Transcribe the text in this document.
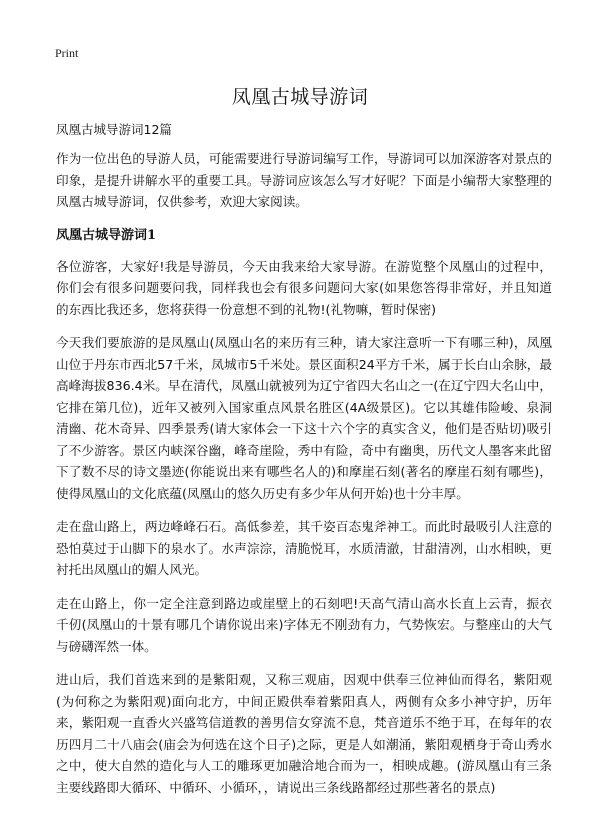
Print
凤凰古城导游词
凤凰古城导游词12篇

作为一位出色的导游人员，可能需要进行导游词编写工作，导游词可以加深游客对景点的印象，是提升讲解水平的重要工具。导游词应该怎么写才好呢？下面是小编帮大家整理的凤凰古城导游词，仅供参考，欢迎大家阅读。

凤凰古城导游词1

各位游客，大家好!我是导游员，今天由我来给大家导游。在游览整个凤凰山的过程中，你们会有很多问题要问我，同样我也会有很多问题问大家(如果您答得非常好，并且知道的东西比我还多，您将获得一份意想不到的礼物!(礼物嘛，暂时保密)

今天我们要旅游的是凤凰山(凤凰山名的来历有三种，请大家注意听一下有哪三种)，凤凰山位于丹东市西北57千米，凤城市5千米处。景区面积24平方千米，属于长白山余脉，最高峰海拔836.4米。早在清代，凤凰山就被列为辽宁省四大名山之一(在辽宁四大名山中，它排在第几位)，近年又被列入国家重点风景名胜区(4A级景区)。它以其雄伟险峻、泉洞清幽、花木奇异、四季景秀(请大家体会一下这十六个字的真实含义，他们是否贴切)吸引了不少游客。景区内峡深谷幽，峰奇崖险，秀中有险，奇中有幽奥，历代文人墨客来此留下了数不尽的诗文墨迹(你能说出来有哪些名人的)和摩崖石刻(著名的摩崖石刻有哪些)，使得凤凰山的文化底蕴(凤凰山的悠久历史有多少年从何开始)也十分丰厚。

走在盘山路上，两边峰峰石石。高低参差，其千姿百态鬼斧神工。而此时最吸引人注意的恐怕莫过于山脚下的泉水了。水声淙淙，清脆悦耳，水质清澈，甘甜清冽，山水相映，更衬托出凤凰山的媚人风光。

走在山路上，你一定全注意到路边或崖壁上的石刻吧!天高气清山高水长直上云青，振衣千仞(凤凰山的十景有哪几个请你说出来)字体无不刚劲有力，气势恢宏。与整座山的大气与磅礴浑然一体。

进山后，我们首选来到的是紫阳观，又称三观庙，因观中供奉三位神仙而得名，紫阳观(为何称之为紫阳观)面向北方，中间正殿供奉着紫阳真人，两侧有众多小神守护，历年来，紫阳观一直香火兴盛笃信道教的善男信女穿流不息，梵音道乐不绝于耳，在每年的农历四月二十八庙会(庙会为何选在这个日子)之际，更是人如潮涌，紫阳观栖身于奇山秀水之中，使大自然的造化与人工的雕琢更加融洽地合而为一，相映成趣。(游凤凰山有三条主要线路即大循环、中循环、小循环，，请说出三条线路都经过那些著名的景点)
